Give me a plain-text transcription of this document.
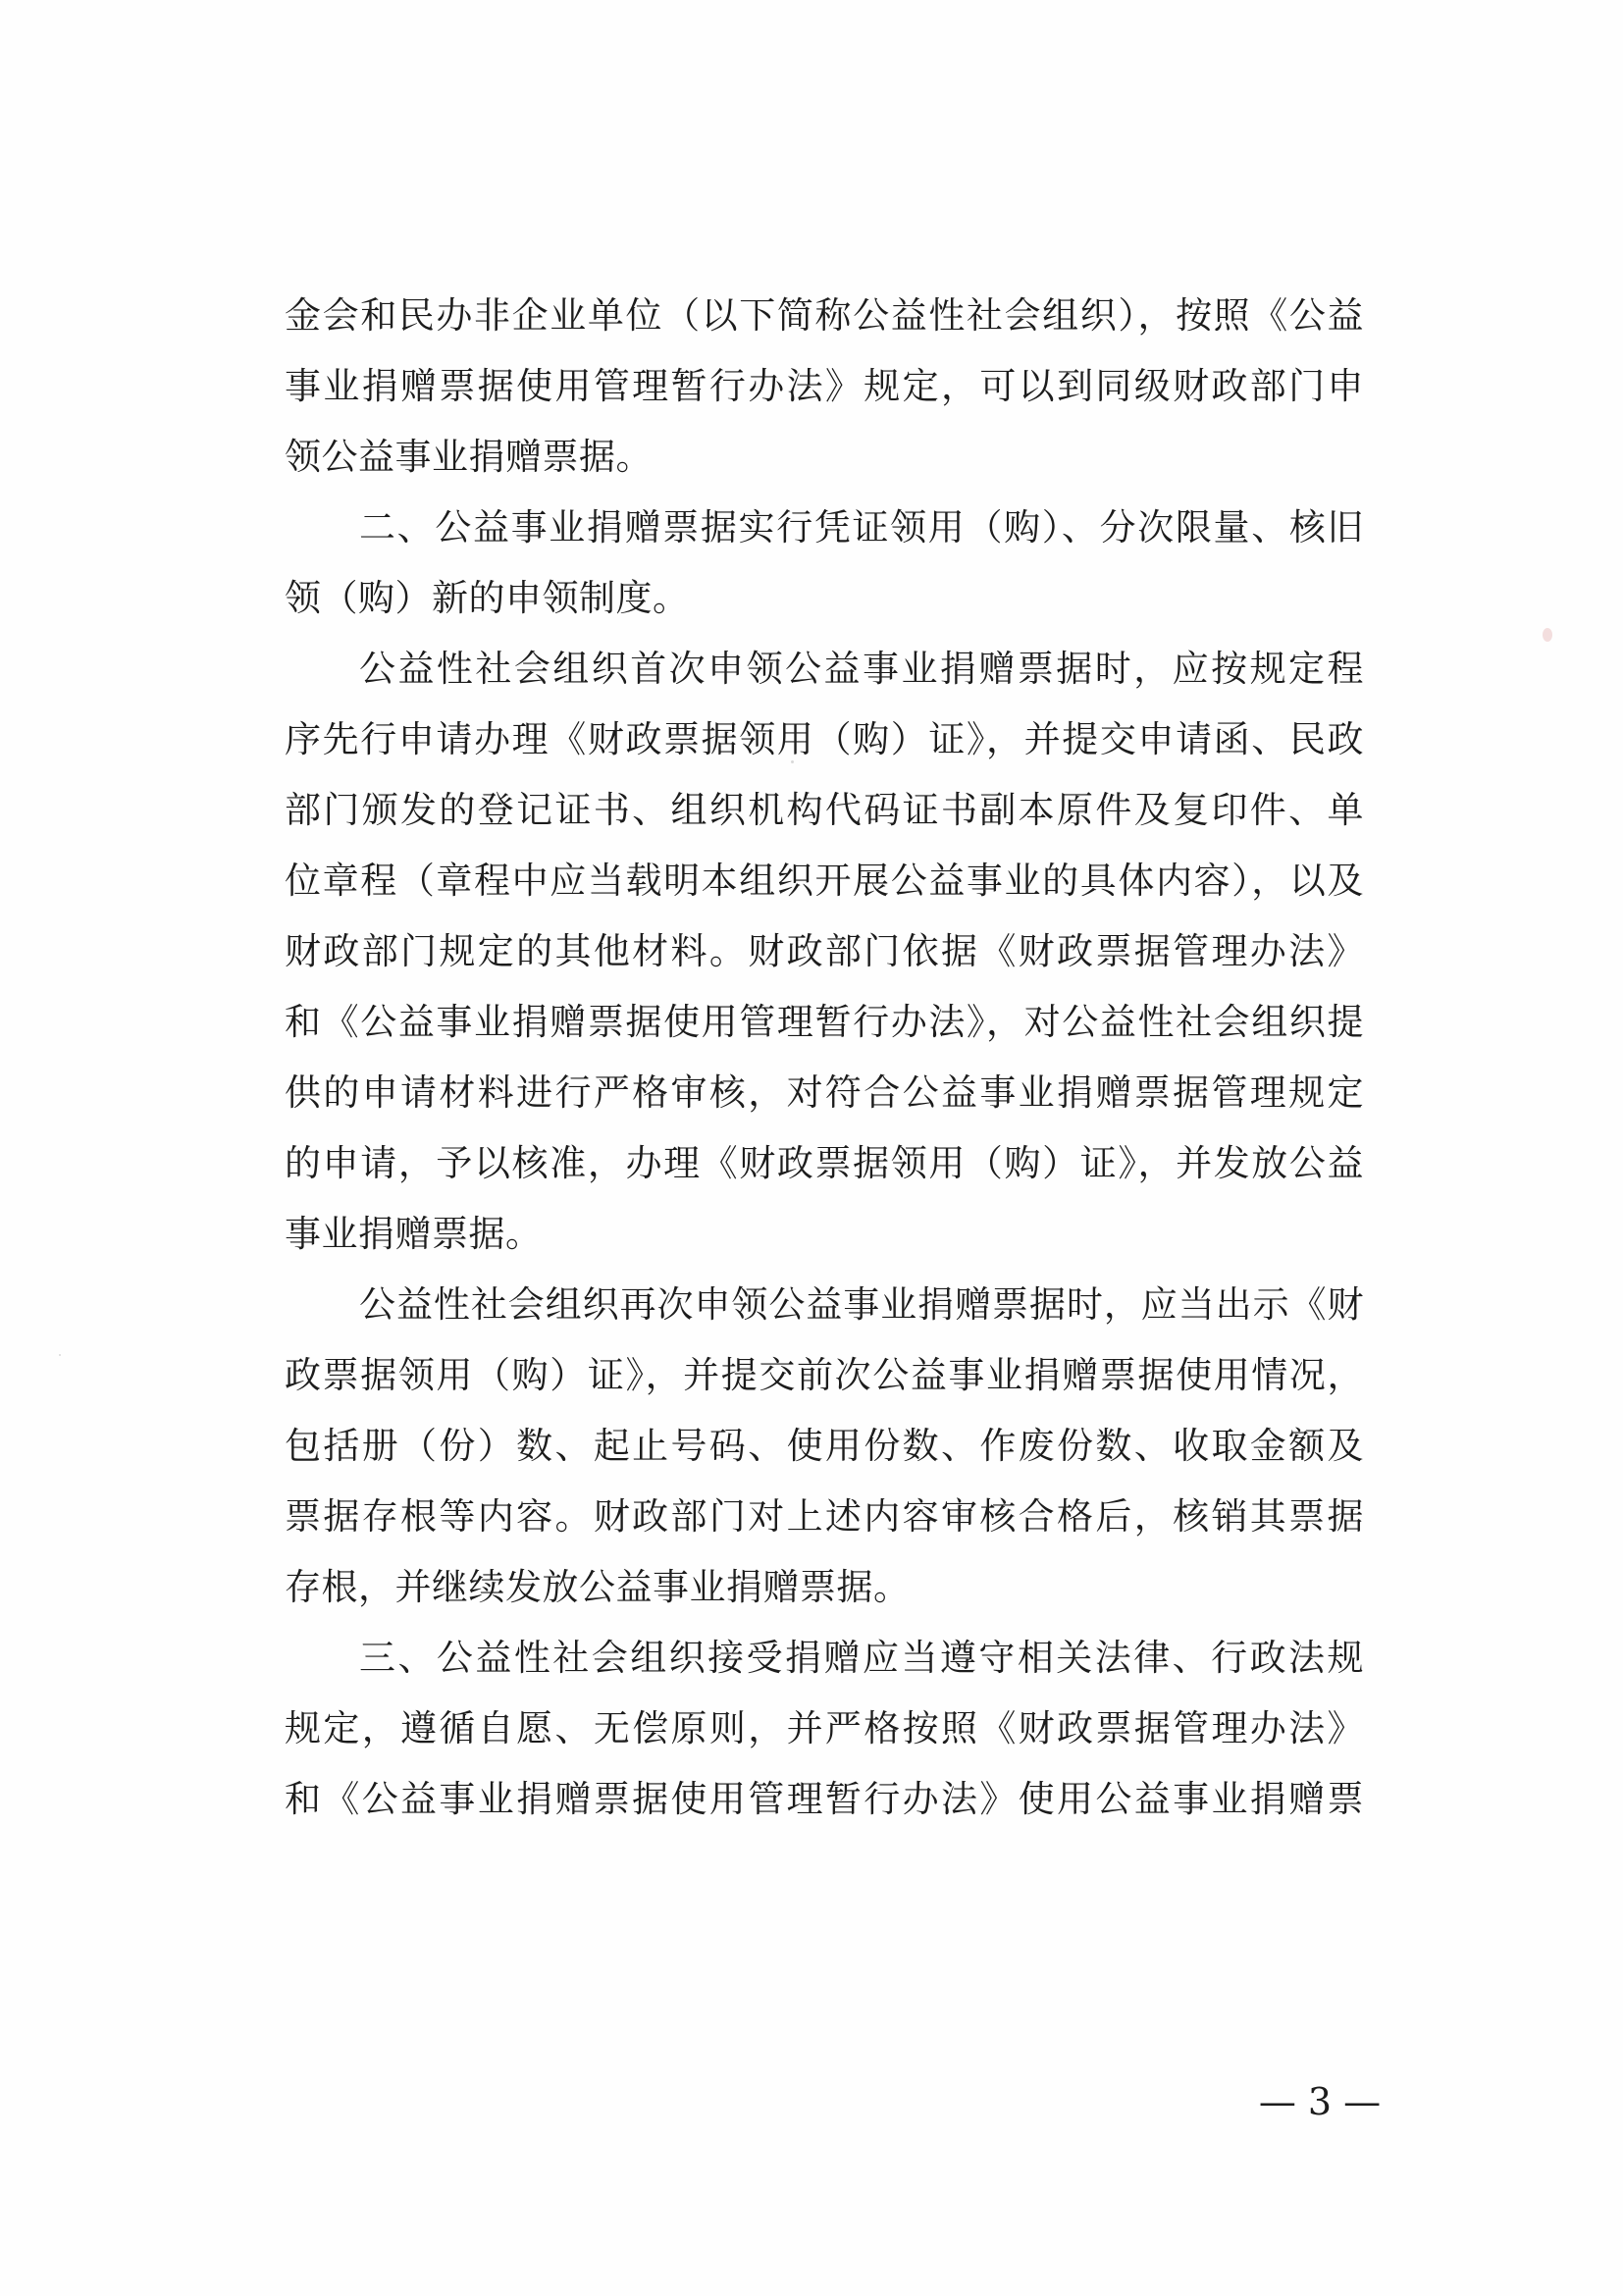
金会和民办非企业单位（以下简称公益性社会组织），按照《公益
事业捐赠票据使用管理暂行办法》规定，可以到同级财政部门申
领公益事业捐赠票据。
二、公益事业捐赠票据实行凭证领用（购）、分次限量、核旧
领（购）新的申领制度。
公益性社会组织首次申领公益事业捐赠票据时，应按规定程
序先行申请办理《财政票据领用（购）证》，并提交申请函、民政
部门颁发的登记证书、组织机构代码证书副本原件及复印件、单
位章程（章程中应当载明本组织开展公益事业的具体内容），以及
财政部门规定的其他材料。财政部门依据《财政票据管理办法》
和《公益事业捐赠票据使用管理暂行办法》，对公益性社会组织提
供的申请材料进行严格审核，对符合公益事业捐赠票据管理规定
的申请，予以核准，办理《财政票据领用（购）证》，并发放公益
事业捐赠票据。
公益性社会组织再次申领公益事业捐赠票据时，应当出示《财
政票据领用（购）证》，并提交前次公益事业捐赠票据使用情况，
包括册（份）数、起止号码、使用份数、作废份数、收取金额及
票据存根等内容。财政部门对上述内容审核合格后，核销其票据
存根，并继续发放公益事业捐赠票据。
三、公益性社会组织接受捐赠应当遵守相关法律、行政法规
规定，遵循自愿、无偿原则，并严格按照《财政票据管理办法》
和《公益事业捐赠票据使用管理暂行办法》使用公益事业捐赠票
— 3 —
